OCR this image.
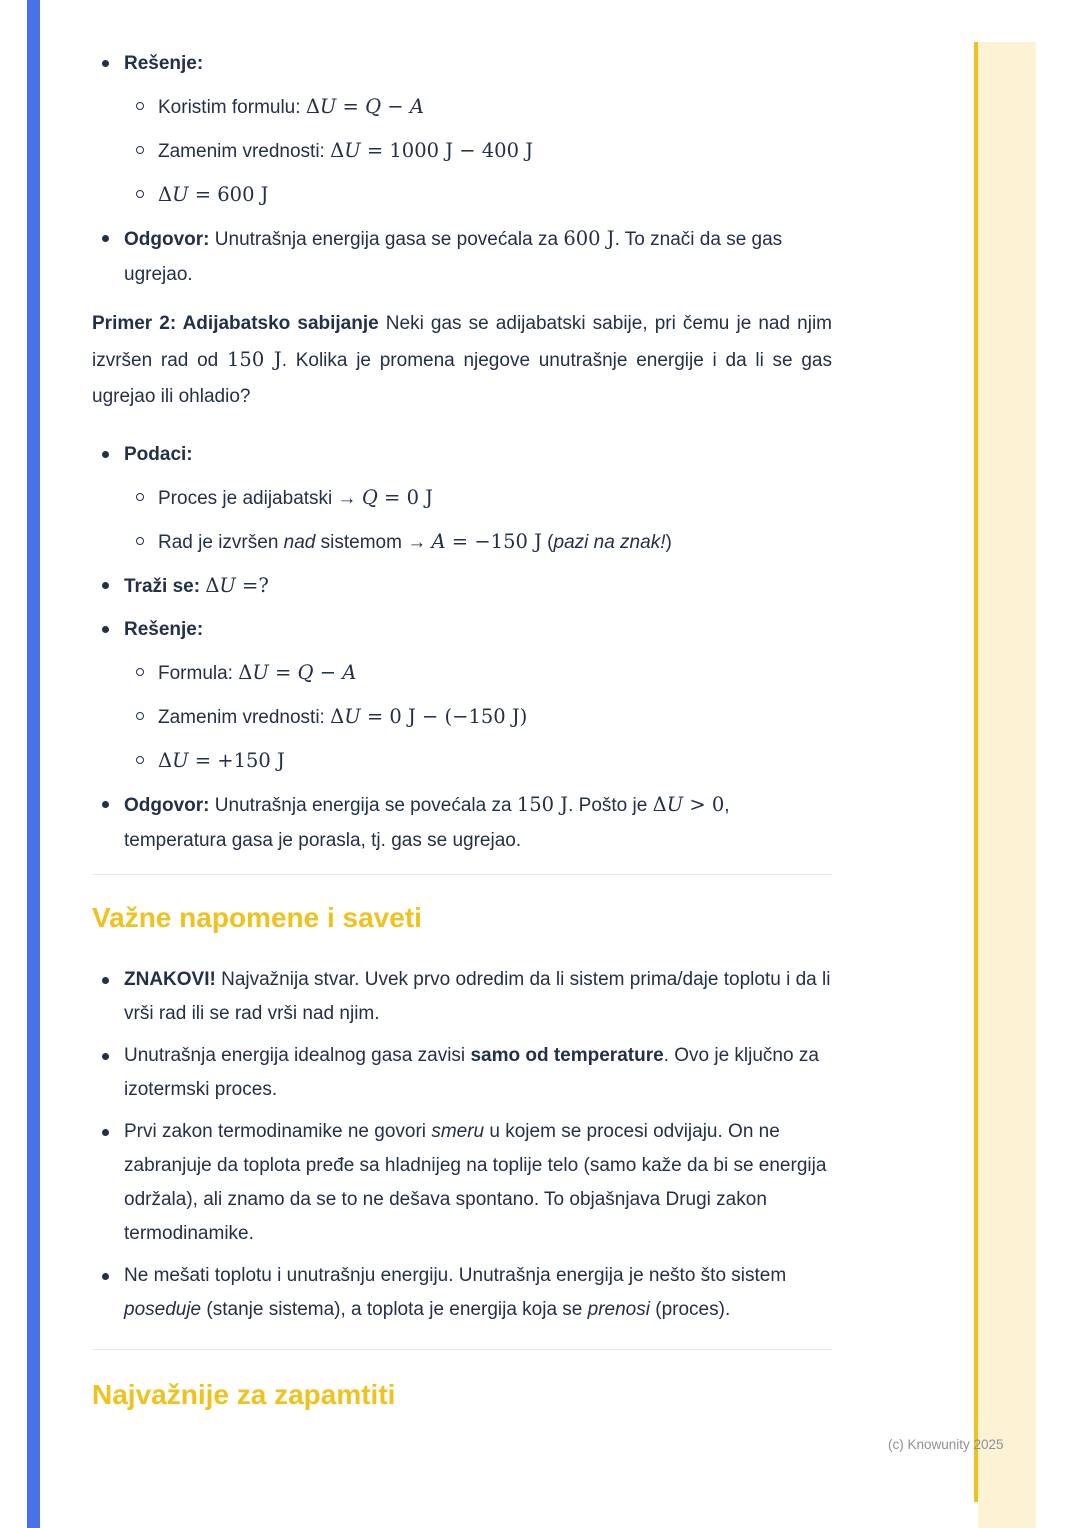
Rešenje:
Koristim formulu: ΔU = Q − A
Zamenim vrednosti: ΔU = 1000 J − 400 J
ΔU = 600 J
Odgovor: Unutrašnja energija gasa se povećala za 600 J. To znači da se gas ugrejao.

Primer 2: Adijabatsko sabijanje Neki gas se adijabatski sabije, pri čemu je nad njim izvršen rad od 150 J. Kolika je promena njegove unutrašnje energije i da li se gas ugrejao ili ohladio?

Podaci:
Proces je adijabatski → Q = 0 J
Rad je izvršen nad sistemom → A = −150 J (pazi na znak!)
Traži se: ΔU =?
Rešenje:
Formula: ΔU = Q − A
Zamenim vrednosti: ΔU = 0 J − (−150 J)
ΔU = +150 J
Odgovor: Unutrašnja energija se povećala za 150 J. Pošto je ΔU > 0, temperatura gasa je porasla, tj. gas se ugrejao.
Važne napomene i saveti
ZNAKOVI! Najvažnija stvar. Uvek prvo odredim da li sistem prima/daje toplotu i da li vrši rad ili se rad vrši nad njim.
Unutrašnja energija idealnog gasa zavisi samo od temperature. Ovo je ključno za izotermski proces.
Prvi zakon termodinamike ne govori smeru u kojem se procesi odvijaju. On ne zabranjuje da toplota pređe sa hladnijeg na toplije telo (samo kaže da bi se energija održala), ali znamo da se to ne dešava spontano. To objašnjava Drugi zakon termodinamike.
Ne mešati toplotu i unutrašnju energiju. Unutrašnja energija je nešto što sistem poseduje (stanje sistema), a toplota je energija koja se prenosi (proces).
Najvažnije za zapamtiti
(c) Knowunity 2025
